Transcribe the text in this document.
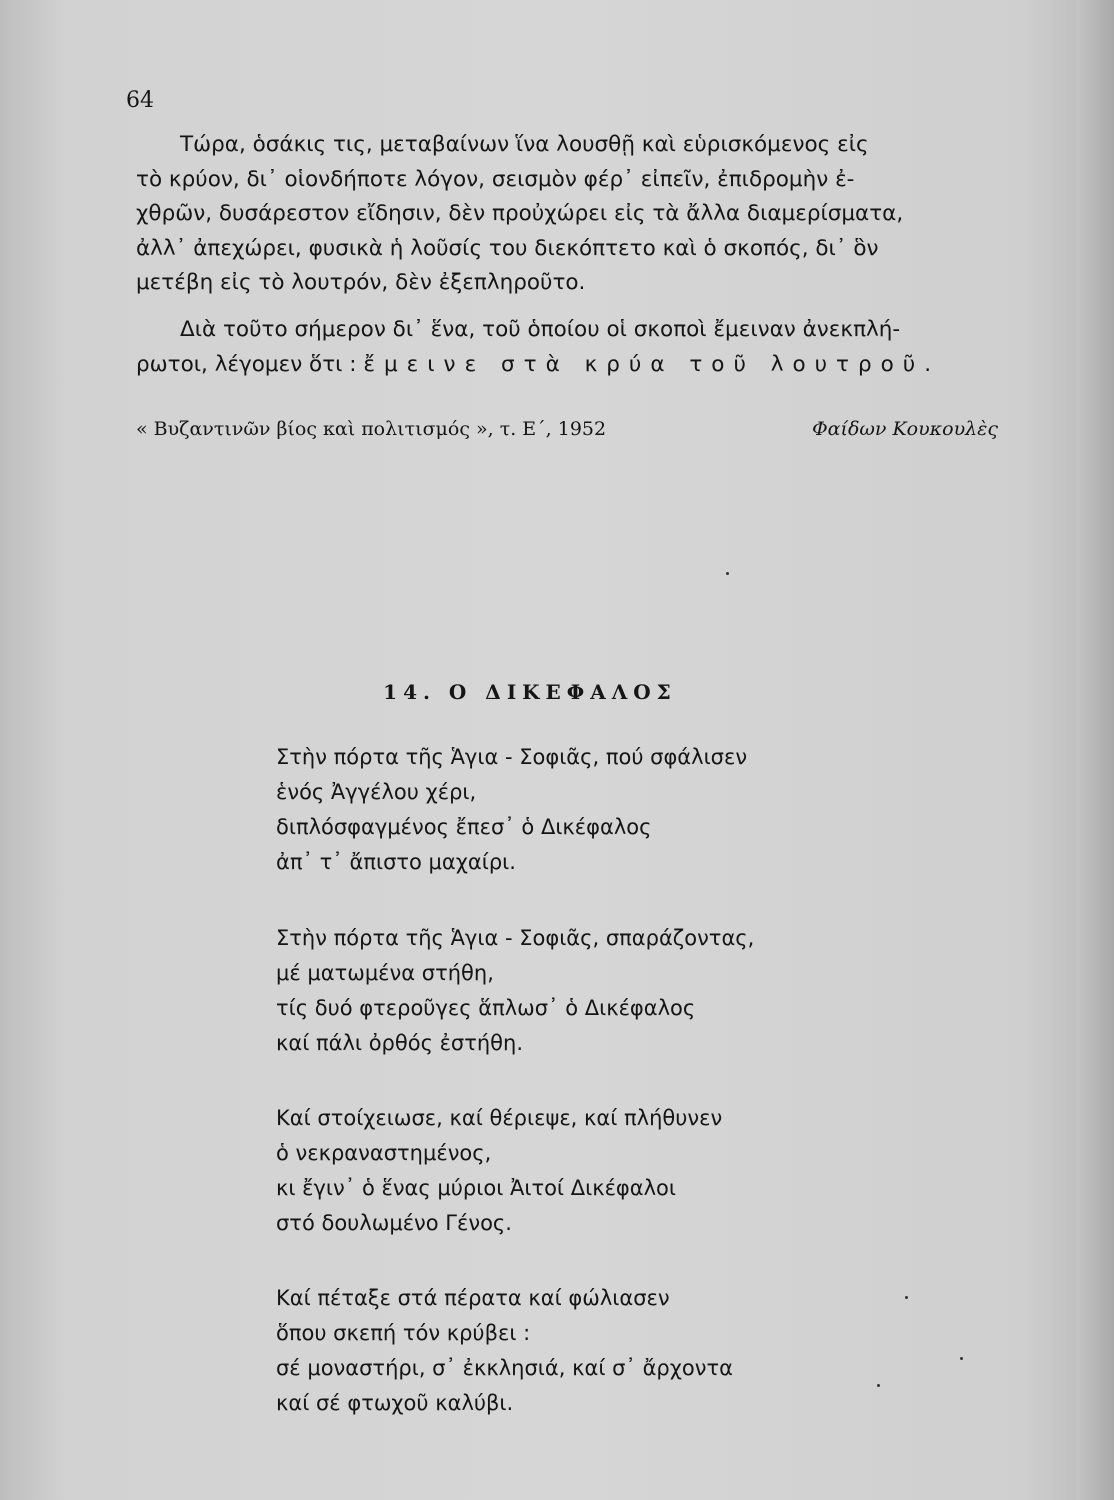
64
Τώρα, ὁσάκις τις, μεταβαίνων ἵνα λουσθῇ καὶ εὑρισκόμενος εἰς
τὸ κρύον, δι᾽ οἱονδήποτε λόγον, σεισμὸν φέρ᾽ εἰπεῖν, ἐπιδρομὴν ἐ-
χθρῶν, δυσάρεστον εἴδησιν, δὲν προὐχώρει εἰς τὰ ἄλλα διαμερίσματα,
ἀλλ᾽ ἀπεχώρει, φυσικὰ ἡ λοῦσίς του διεκόπτετο καὶ ὁ σκοπός, δι᾽ ὃν
μετέβη εἰς τὸ λουτρόν, δὲν ἐξεπληροῦτο.
Διὰ τοῦτο σήμερον δι᾽ ἕνα, τοῦ ὁποίου οἱ σκοποὶ ἔμειναν ἀνεκπλή-
ρωτοι, λέγομεν ὅτι : ἔμεινε στὰ κρύα τοῦ λουτροῦ.
« Βυζαντινῶν βίος καὶ πολιτισμός », τ. Ε΄, 1952	Φαίδων Κουκουλὲς
14. Ο ΔΙΚΕΦΑΛΟΣ
Στὴν πόρτα τῆς Ἁγια - Σοφιᾶς, πού σφάλισεν
ἑνός Ἀγγέλου χέρι,
διπλόσφαγμένος ἔπεσ᾽ ὁ Δικέφαλος
ἀπ᾽ τ᾽ ἄπιστο μαχαίρι.
Στὴν πόρτα τῆς Ἁγια - Σοφιᾶς, σπαράζοντας,
μέ ματωμένα στήθη,
τίς δυό φτεροῦγες ἅπλωσ᾽ ὁ Δικέφαλος
καί πάλι ὀρθός ἐστήθη.
Καί στοίχειωσε, καί θέριεψε, καί πλήθυνεν
ὁ νεκραναστημένος,
κι ἔγιν᾽ ὁ ἕνας μύριοι Ἀιτοί Δικέφαλοι
στό δουλωμένο Γένος.
Καί πέταξε στά πέρατα καί φώλιασεν
ὅπου σκεπή τόν κρύβει :
σέ μοναστήρι, σ᾽ ἐκκλησιά, καί σ᾽ ἄρχοντα
καί σέ φτωχοῦ καλύβι.
